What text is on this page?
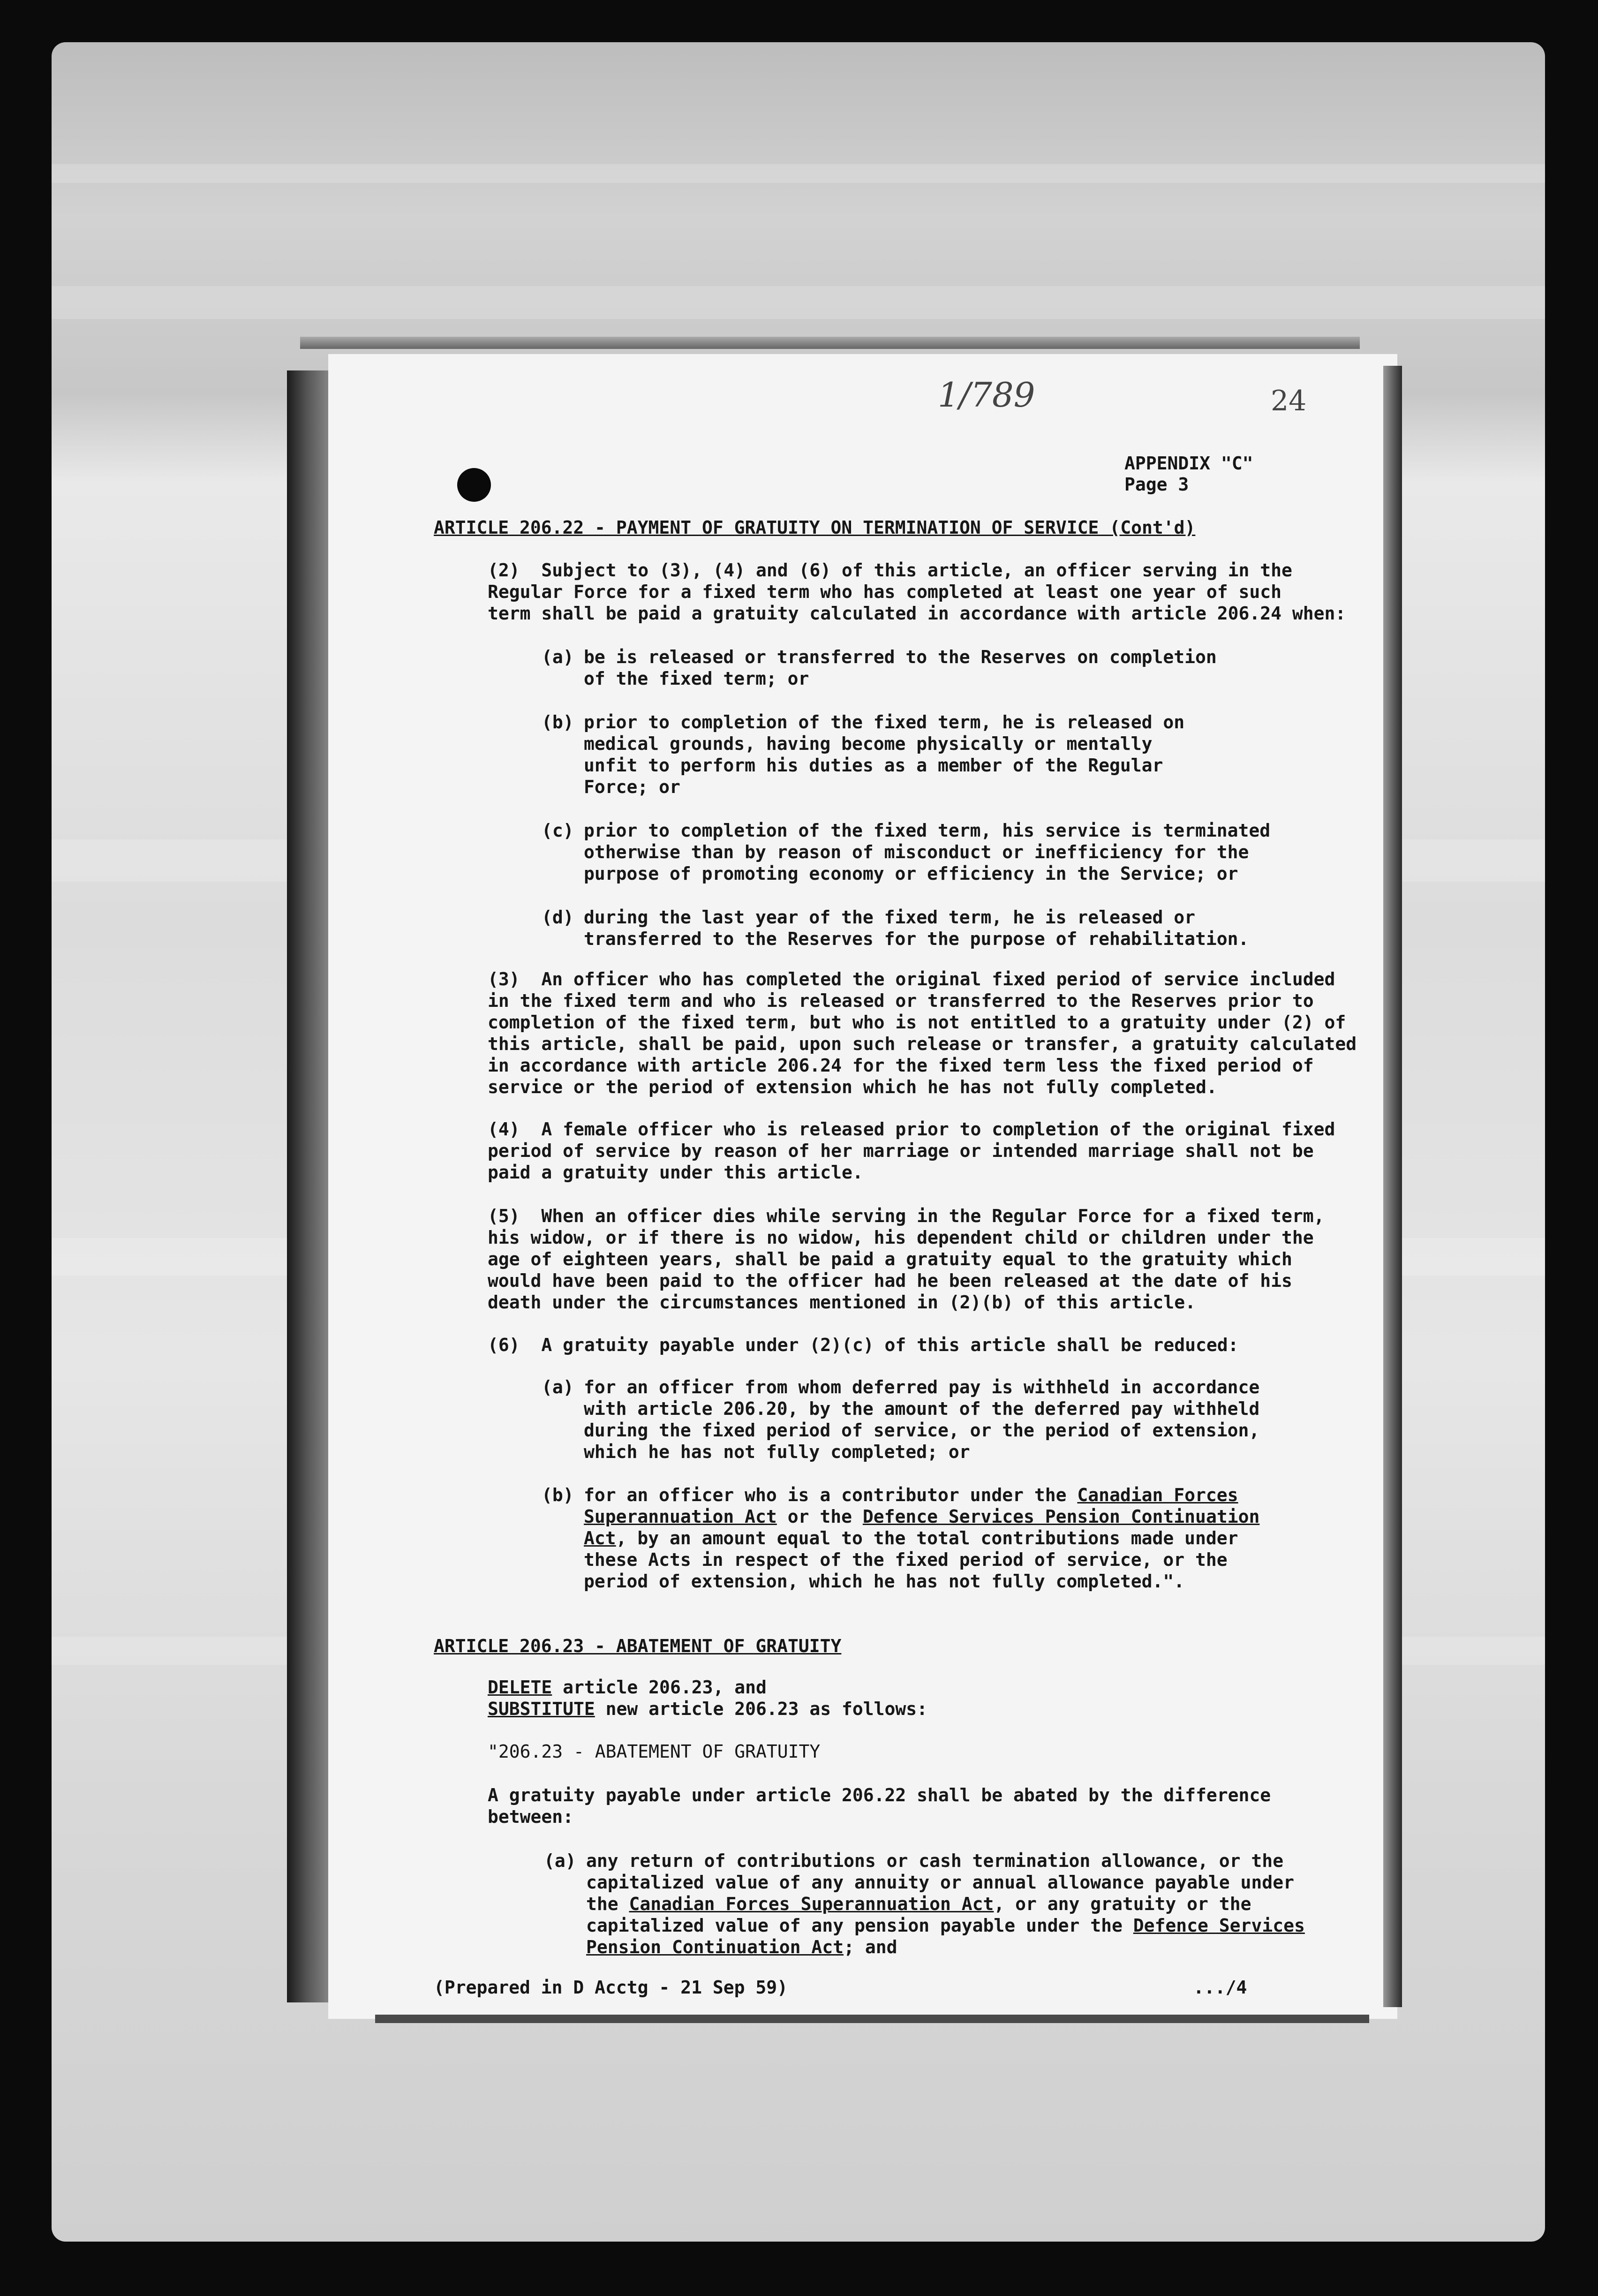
1/789	24
APPENDIX "C"
Page 3
ARTICLE 206.22 - PAYMENT OF GRATUITY ON TERMINATION OF SERVICE (Cont'd)
(2)  Subject to (3), (4) and (6) of this article, an officer serving in the
Regular Force for a fixed term who has completed at least one year of such
term shall be paid a gratuity calculated in accordance with article 206.24 when:
(a) be is released or transferred to the Reserves on completion
of the fixed term; or
(b) prior to completion of the fixed term, he is released on
medical grounds, having become physically or mentally
unfit to perform his duties as a member of the Regular
Force; or
(c) prior to completion of the fixed term, his service is terminated
otherwise than by reason of misconduct or inefficiency for the
purpose of promoting economy or efficiency in the Service; or
(d) during the last year of the fixed term, he is released or
transferred to the Reserves for the purpose of rehabilitation.
(3)  An officer who has completed the original fixed period of service included
in the fixed term and who is released or transferred to the Reserves prior to
completion of the fixed term, but who is not entitled to a gratuity under (2) of
this article, shall be paid, upon such release or transfer, a gratuity calculated
in accordance with article 206.24 for the fixed term less the fixed period of
service or the period of extension which he has not fully completed.
(4)  A female officer who is released prior to completion of the original fixed
period of service by reason of her marriage or intended marriage shall not be
paid a gratuity under this article.
(5)  When an officer dies while serving in the Regular Force for a fixed term,
his widow, or if there is no widow, his dependent child or children under the
age of eighteen years, shall be paid a gratuity equal to the gratuity which
would have been paid to the officer had he been released at the date of his
death under the circumstances mentioned in (2)(b) of this article.
(6)  A gratuity payable under (2)(c) of this article shall be reduced:
(a) for an officer from whom deferred pay is withheld in accordance
with article 206.20, by the amount of the deferred pay withheld
during the fixed period of service, or the period of extension,
which he has not fully completed; or
(b) for an officer who is a contributor under the Canadian Forces
Superannuation Act or the Defence Services Pension Continuation
Act, by an amount equal to the total contributions made under
these Acts in respect of the fixed period of service, or the
period of extension, which he has not fully completed.".
ARTICLE 206.23 - ABATEMENT OF GRATUITY
DELETE article 206.23, and
SUBSTITUTE new article 206.23 as follows:
"206.23 - ABATEMENT OF GRATUITY
A gratuity payable under article 206.22 shall be abated by the difference
between:
(a) any return of contributions or cash termination allowance, or the
capitalized value of any annuity or annual allowance payable under
the Canadian Forces Superannuation Act, or any gratuity or the
capitalized value of any pension payable under the Defence Services
Pension Continuation Act; and
(Prepared in D Acctg - 21 Sep 59)	.../4
